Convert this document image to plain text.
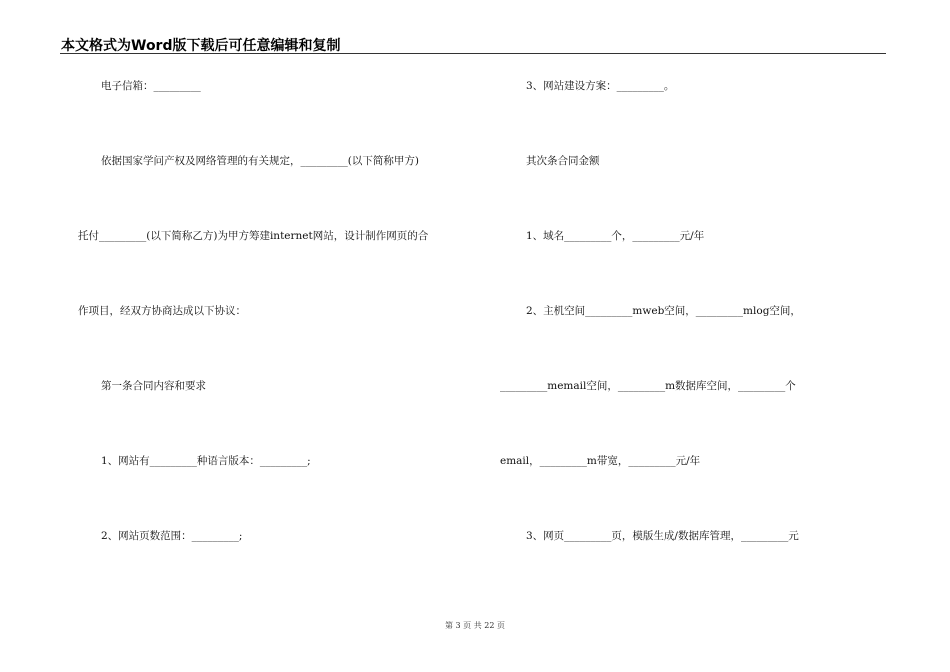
本文格式为Word版下载后可任意编辑和复制
电子信箱：_________
依据国家学问产权及网络管理的有关规定，_________(以下简称甲方)
托付_________(以下简称乙方)为甲方筹建internet网站，设计制作网页的合
作项目，经双方协商达成以下协议：
第一条合同内容和要求
1、网站有_________种语言版本：_________;
2、网站页数范围：_________;
3、网站建设方案：_________。
其次条合同金额
1、域名_________个，_________元/年
2、主机空间_________mweb空间，_________mlog空间，
_________memail空间，_________m数据库空间，_________个
email，_________m带宽，_________元/年
3、网页_________页，模版生成/数据库管理，_________元
第 3 页 共 22 页
